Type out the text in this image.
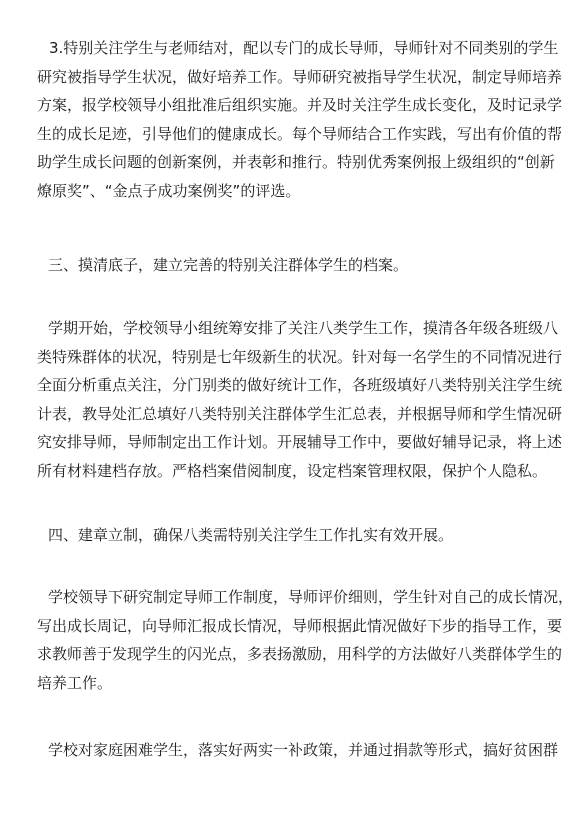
3.特别关注学生与老师结对，配以专门的成长导师，导师针对不同类别的学生
研究被指导学生状况，做好培养工作。导师研究被指导学生状况，制定导师培养
方案，报学校领导小组批准后组织实施。并及时关注学生成长变化，及时记录学
生的成长足迹，引导他们的健康成长。每个导师结合工作实践，写出有价值的帮
助学生成长问题的创新案例，并表彰和推行。特别优秀案例报上级组织的“创新
燎原奖”、“金点子成功案例奖”的评选。
三、摸清底子，建立完善的特别关注群体学生的档案。
学期开始，学校领导小组统筹安排了关注八类学生工作，摸清各年级各班级八
类特殊群体的状况，特别是七年级新生的状况。针对每一名学生的不同情况进行
全面分析重点关注，分门别类的做好统计工作，各班级填好八类特别关注学生统
计表，教导处汇总填好八类特别关注群体学生汇总表，并根据导师和学生情况研
究安排导师，导师制定出工作计划。开展辅导工作中，要做好辅导记录，将上述
所有材料建档存放。严格档案借阅制度，设定档案管理权限，保护个人隐私。
四、建章立制，确保八类需特别关注学生工作扎实有效开展。
学校领导下研究制定导师工作制度，导师评价细则，学生针对自己的成长情况，
写出成长周记，向导师汇报成长情况，导师根据此情况做好下步的指导工作，要
求教师善于发现学生的闪光点，多表扬激励，用科学的方法做好八类群体学生的
培养工作。
学校对家庭困难学生，落实好两实一补政策，并通过捐款等形式，搞好贫困群
